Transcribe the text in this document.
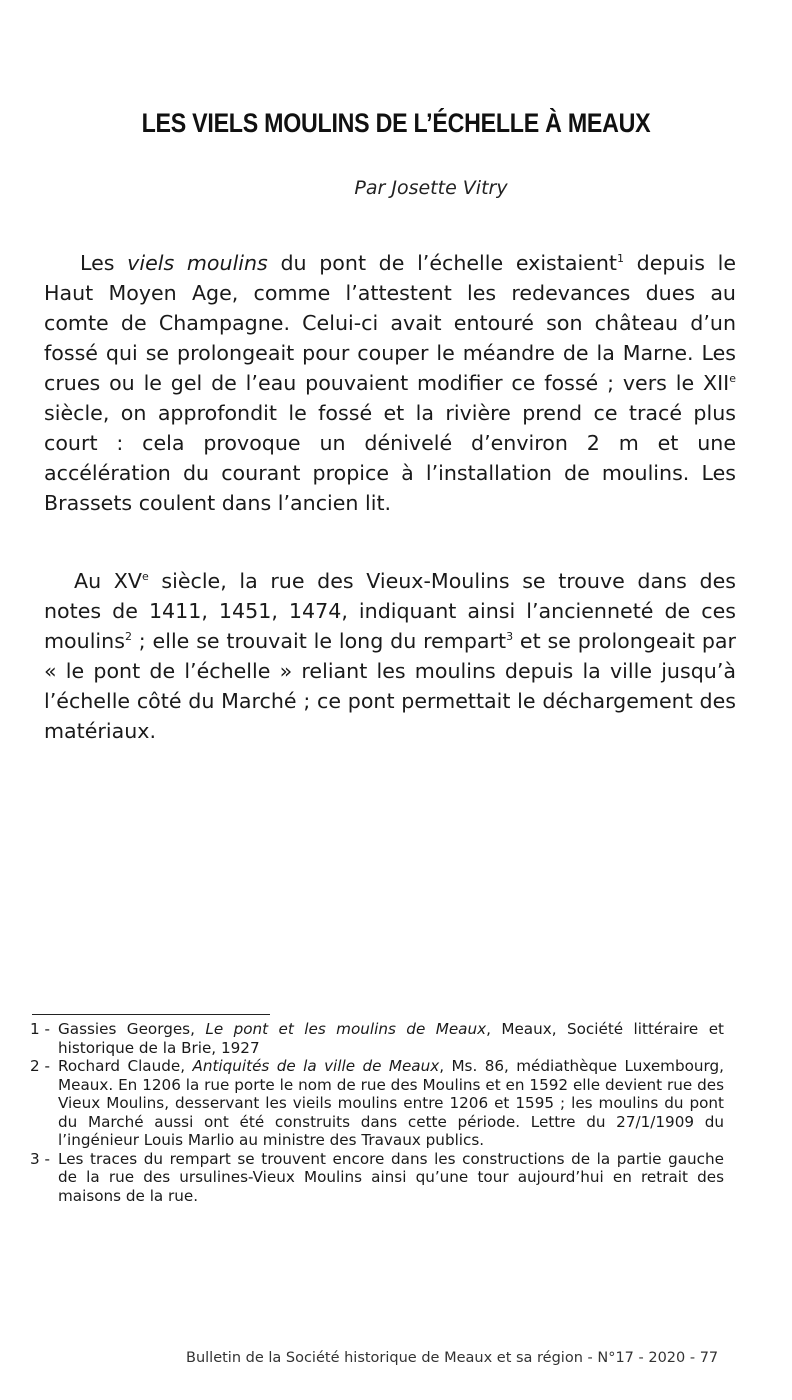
LES VIELS MOULINS DE L’ÉCHELLE À MEAUX
Par Josette Vitry

Les viels moulins du pont de l’échelle existaient$^1$ depuis le Haut Moyen Age, comme l’attestent les redevances dues au comte de Champagne. Celui-ci avait entouré son château d’un fossé qui se prolongeait pour couper le méandre de la Marne. Les crues ou le gel de l’eau pouvaient modifier ce fossé ; vers le XIIe siècle, on approfondit le fossé et la rivière prend ce tracé plus court : cela provoque un dénivelé d’environ 2 m et une accélération du courant propice à l’installation de moulins. Les Brassets coulent dans l’ancien lit.

Au XVe siècle, la rue des Vieux-Moulins se trouve dans des notes de 1411, 1451, 1474, indiquant ainsi l’ancienneté de ces moulins$^2$ ; elle se trouvait le long du rempart$^3$ et se prolongeait par « le pont de l’échelle » reliant les moulins depuis la ville jusqu’à l’échelle côté du Marché ; ce pont permettait le déchargement des matériaux.

1 - Gassies Georges, Le pont et les moulins de Meaux, Meaux, Société littéraire et historique de la Brie, 1927
2 - Rochard Claude, Antiquités de la ville de Meaux, Ms. 86, médiathèque Luxembourg, Meaux. En 1206 la rue porte le nom de rue des Moulins et en 1592 elle devient rue des Vieux Moulins, desservant les vieils moulins entre 1206 et 1595 ; les moulins du pont du Marché aussi ont été construits dans cette période. Lettre du 27/1/1909 du l’ingénieur Louis Marlio au ministre des Travaux publics.
3 - Les traces du rempart se trouvent encore dans les constructions de la partie gauche de la rue des ursulines-Vieux Moulins ainsi qu’une tour aujourd’hui en retrait des maisons de la rue.
Bulletin de la Société historique de Meaux et sa région - N°17 - 2020 - 77
